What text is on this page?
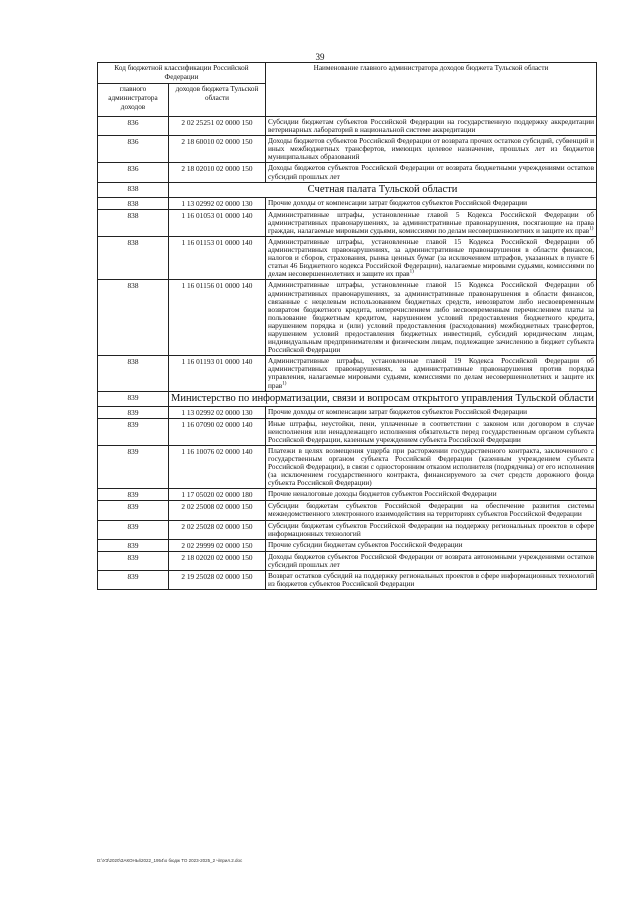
39
Код бюджетной классификации Российской Федерации		Наименование главного администратора доходов бюджета Тульской области
главного администратора доходов	доходов бюджета Тульской области	
836	2 02 25251 02 0000 150	Субсидии бюджетам субъектов Российской Федерации на государственную поддержку аккредитации ветеринарных лабораторий в национальной системе аккредитации
836	2 18 60010 02 0000 150	Доходы бюджетов субъектов Российской Федерации от возврата прочих остатков субсидий, субвенций и иных межбюджетных трансфертов, имеющих целевое назначение, прошлых лет из бюджетов муниципальных образований
836	2 18 02010 02 0000 150	Доходы бюджетов субъектов Российской Федерации от возврата бюджетными учреждениями остатков субсидий прошлых лет
838	Счетная палата Тульской области	
838	1 13 02992 02 0000 130	Прочие доходы от компенсации затрат бюджетов субъектов Российской Федерации
838	1 16 01053 01 0000 140	Административные штрафы, установленные главой 5 Кодекса Российской Федерации об административных правонарушениях, за административные правонарушения, посягающие на права граждан, налагаемые мировыми судьями, комиссиями по делам несовершеннолетних и защите их прав$^{1)}$
838	1 16 01153 01 0000 140	Административные штрафы, установленные главой 15 Кодекса Российской Федерации об административных правонарушениях, за административные правонарушения в области финансов, налогов и сборов, страхования, рынка ценных бумаг (за исключением штрафов, указанных в пункте 6 статьи 46 Бюджетного кодекса Российской Федерации), налагаемые мировыми судьями, комиссиями по делам несовершеннолетних и защите их прав$^{1)}$
838	1 16 01156 01 0000 140	Административные штрафы, установленные главой 15 Кодекса Российской Федерации об административных правонарушениях, за административные правонарушения в области финансов, связанные с нецелевым использованием бюджетных средств, невозвратом либо несвоевременным возвратом бюджетного кредита, неперечислением либо несвоевременным перечислением платы за пользование бюджетным кредитом, нарушением условий предоставления бюджетного кредита, нарушением порядка и (или) условий предоставления (расходования) межбюджетных трансфертов, нарушением условий предоставления бюджетных инвестиций, субсидий юридическим лицам, индивидуальным предпринимателям и физическим лицам, подлежащие зачислению в бюджет субъекта Российской Федерации
838	1 16 01193 01 0000 140	Административные штрафы, установленные главой 19 Кодекса Российской Федерации об административных правонарушениях, за административные правонарушения против порядка управления, налагаемые мировыми судьями, комиссиями по делам несовершеннолетних и защите их прав$^{1)}$
839	Министерство по информатизации, связи и вопросам открытого управления Тульской области	
839	1 13 02992 02 0000 130	Прочие доходы от компенсации затрат бюджетов субъектов Российской Федерации
839	1 16 07090 02 0000 140	Иные штрафы, неустойки, пени, уплаченные в соответствии с законом или договором в случае неисполнения или ненадлежащего исполнения обязательств перед государственным органом субъекта Российской Федерации, казенным учреждением субъекта Российской Федерации
839	1 16 10076 02 0000 140	Платежи в целях возмещения ущерба при расторжении государственного контракта, заключенного с государственным органом субъекта Российской Федерации (казенным учреждением субъекта Российской Федерации), в связи с односторонним отказом исполнителя (подрядчика) от его исполнения (за исключением государственного контракта, финансируемого за счет средств дорожного фонда субъекта Российской Федерации)
839	1 17 05020 02 0000 180	Прочие неналоговые доходы бюджетов субъектов Российской Федерации
839	2 02 25008 02 0000 150	Субсидии бюджетам субъектов Российской Федерации на обеспечение развития системы межведомственного электронного взаимодействия на территориях субъектов Российской Федерации
839	2 02 25028 02 0000 150	Субсидии бюджетам субъектов Российской Федерации на поддержку региональных проектов в сфере информационных технологий
839	2 02 29999 02 0000 150	Прочие субсидии бюджетам субъектов Российской Федерации
839	2 18 02020 02 0000 150	Доходы бюджетов субъектов Российской Федерации от возврата автономными учреждениями остатков субсидий прошлых лет
839	2 19 25028 02 0000 150	Возврат остатков субсидий на поддержку региональных проектов в сфере информационных технологий из бюджетов субъектов Российской Федерации
D:\УЗ\2020\ЗАКОНЫ\2022_1954\о бюдж ТО 2023-2025_2 ч\прил.2.doc
